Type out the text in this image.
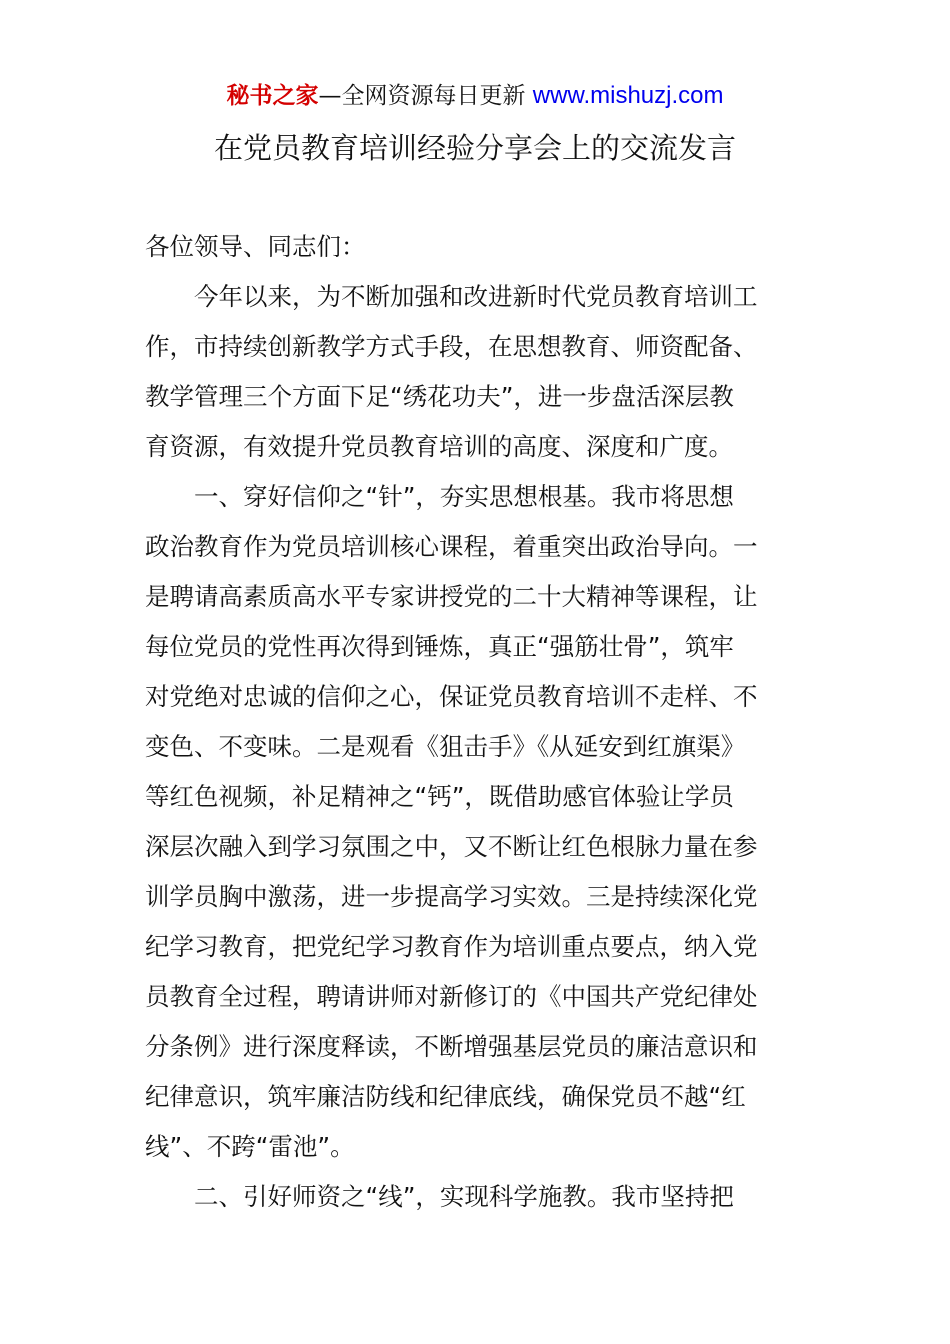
秘书之家—全网资源每日更新 www.mishuzj.com
在党员教育培训经验分享会上的交流发言
各位领导、同志们：
今年以来，为不断加强和改进新时代党员教育培训工
作，市持续创新教学方式手段，在思想教育、师资配备、
教学管理三个方面下足“绣花功夫”，进一步盘活深层教
育资源，有效提升党员教育培训的高度、深度和广度。
一、穿好信仰之“针”，夯实思想根基。我市将思想
政治教育作为党员培训核心课程，着重突出政治导向。一
是聘请高素质高水平专家讲授党的二十大精神等课程，让
每位党员的党性再次得到锤炼，真正“强筋壮骨”，筑牢
对党绝对忠诚的信仰之心，保证党员教育培训不走样、不
变色、不变味。二是观看《狙击手》《从延安到红旗渠》
等红色视频，补足精神之“钙”，既借助感官体验让学员
深层次融入到学习氛围之中，又不断让红色根脉力量在参
训学员胸中激荡，进一步提高学习实效。三是持续深化党
纪学习教育，把党纪学习教育作为培训重点要点，纳入党
员教育全过程，聘请讲师对新修订的《中国共产党纪律处
分条例》进行深度释读，不断增强基层党员的廉洁意识和
纪律意识，筑牢廉洁防线和纪律底线，确保党员不越“红
线”、不跨“雷池”。
二、引好师资之“线”，实现科学施教。我市坚持把
